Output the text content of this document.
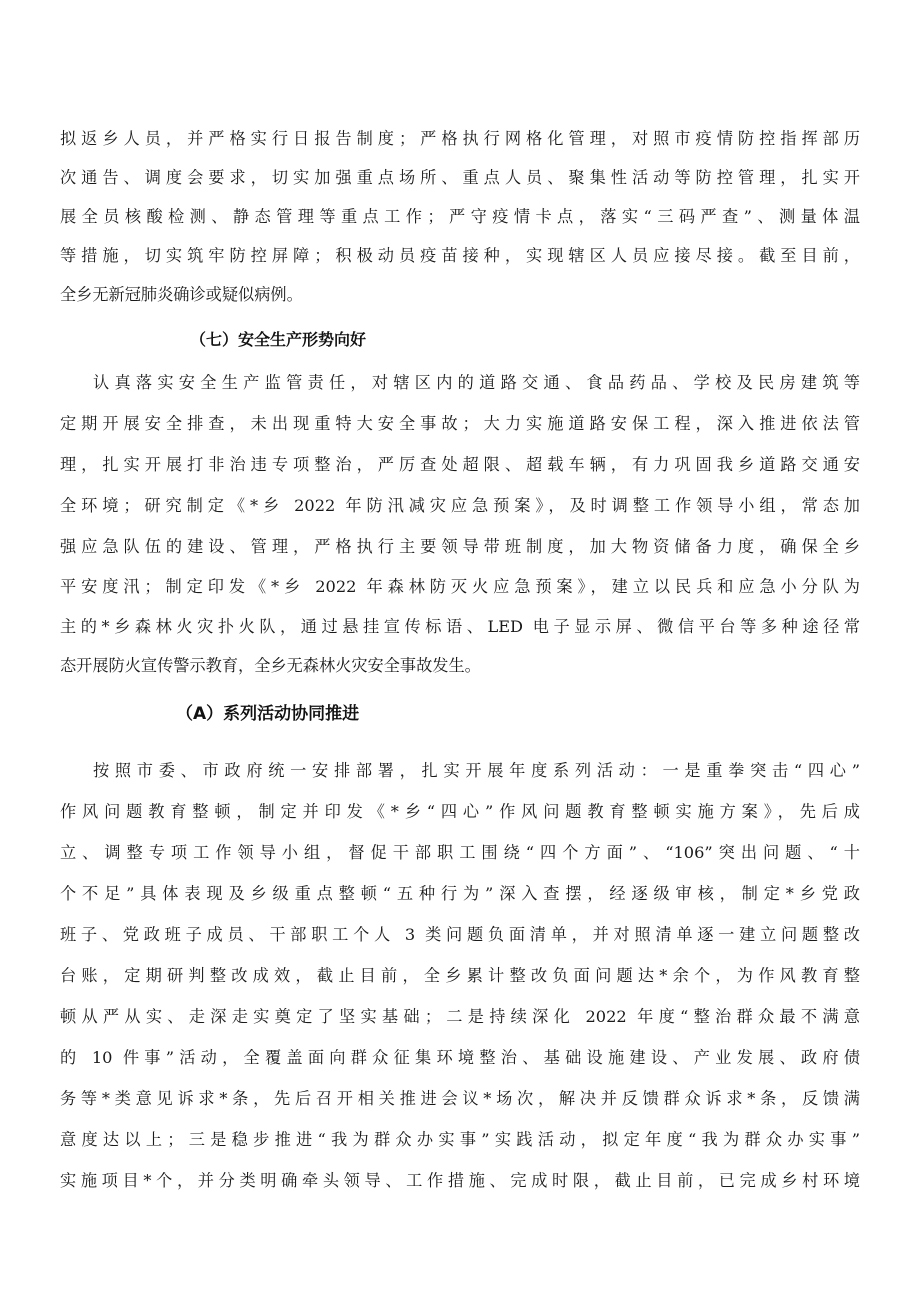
拟返乡人员，并严格实行日报告制度；严格执行网格化管理，对照市疫情防控指挥部历
次通告、调度会要求，切实加强重点场所、重点人员、聚集性活动等防控管理，扎实开
展全员核酸检测、静态管理等重点工作；严守疫情卡点，落实“三码严查”、测量体温
等措施，切实筑牢防控屏障；积极动员疫苗接种，实现辖区人员应接尽接。截至目前，
全乡无新冠肺炎确诊或疑似病例。
（七）安全生产形势向好
认真落实安全生产监管责任，对辖区内的道路交通、食品药品、学校及民房建筑等
定期开展安全排查，未出现重特大安全事故；大力实施道路安保工程，深入推进依法管
理，扎实开展打非治违专项整治，严厉查处超限、超载车辆，有力巩固我乡道路交通安
全环境；研究制定《*乡 2022 年防汛减灾应急预案》，及时调整工作领导小组，常态加
强应急队伍的建设、管理，严格执行主要领导带班制度，加大物资储备力度，确保全乡
平安度汛；制定印发《*乡 2022 年森林防灭火应急预案》，建立以民兵和应急小分队为
主的*乡森林火灾扑火队，通过悬挂宣传标语、LED 电子显示屏、微信平台等多种途径常
态开展防火宣传警示教育，全乡无森林火灾安全事故发生。
（A）系列活动协同推进
按照市委、市政府统一安排部署，扎实开展年度系列活动：一是重拳突击“四心”
作风问题教育整顿，制定并印发《*乡“四心”作风问题教育整顿实施方案》，先后成
立、调整专项工作领导小组，督促干部职工围绕“四个方面”、“106”突出问题、“十
个不足”具体表现及乡级重点整顿“五种行为”深入查摆，经逐级审核，制定*乡党政
班子、党政班子成员、干部职工个人 3 类问题负面清单，并对照清单逐一建立问题整改
台账，定期研判整改成效，截止目前，全乡累计整改负面问题达*余个，为作风教育整
顿从严从实、走深走实奠定了坚实基础；二是持续深化 2022 年度“整治群众最不满意
的 10 件事”活动，全覆盖面向群众征集环境整治、基础设施建设、产业发展、政府债
务等*类意见诉求*条，先后召开相关推进会议*场次，解决并反馈群众诉求*条，反馈满
意度达以上；三是稳步推进“我为群众办实事”实践活动，拟定年度“我为群众办实事”
实施项目*个，并分类明确牵头领导、工作措施、完成时限，截止目前，已完成乡村环境
